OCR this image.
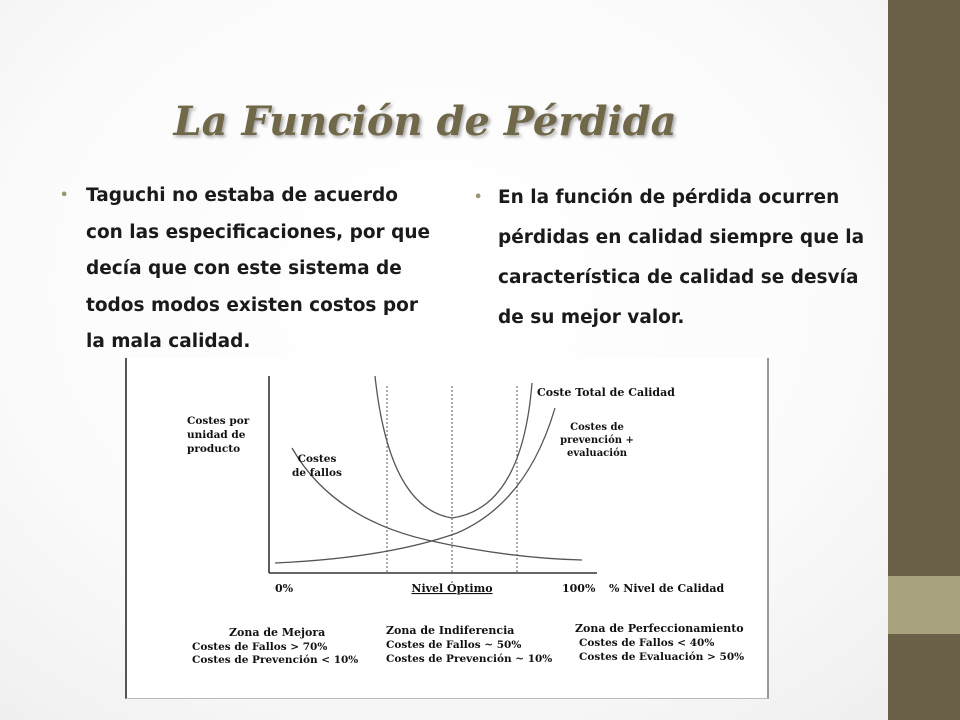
La Función de Pérdida
• Taguchi no estaba de acuerdo con las especificaciones, por que decía que con este sistema de todos modos existen costos por la mala calidad.
• En la función de pérdida ocurren pérdidas en calidad siempre que la característica de calidad se desvía de su mejor valor.
Costes por
unidad de
producto
Coste Total de Calidad
Costes de
prevención +
evaluación
Costes
de fallos
0%	Nivel Óptimo	100% % Nivel de Calidad
Zona de Mejora
Costes de Fallos > 70%
Costes de Prevención < 10%
Zona de Indiferencia
Costes de Fallos ~ 50%
Costes de Prevención ~ 10%
Zona de Perfeccionamiento
Costes de Fallos < 40%
Costes de Evaluación > 50%
